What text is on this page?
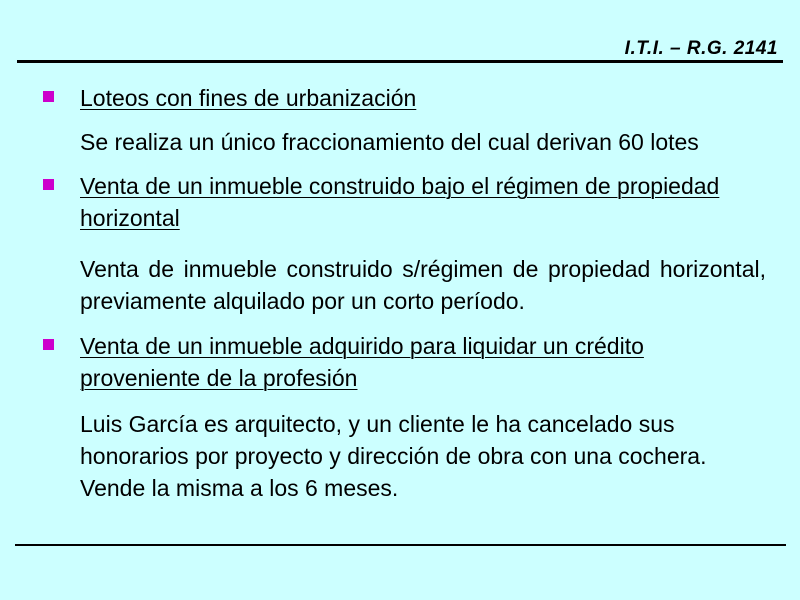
I.T.I. – R.G. 2141
Loteos con fines de urbanización
Se realiza un único fraccionamiento del cual derivan 60 lotes
Venta de un inmueble construido bajo el régimen de propiedad horizontal
Venta de inmueble construido s/régimen de propiedad horizontal, previamente alquilado por un corto período.
Venta de un inmueble adquirido para liquidar un crédito proveniente de la profesión
Luis García es arquitecto, y un cliente le ha cancelado sus honorarios por proyecto y dirección de obra con una cochera. Vende la misma a los 6 meses.
